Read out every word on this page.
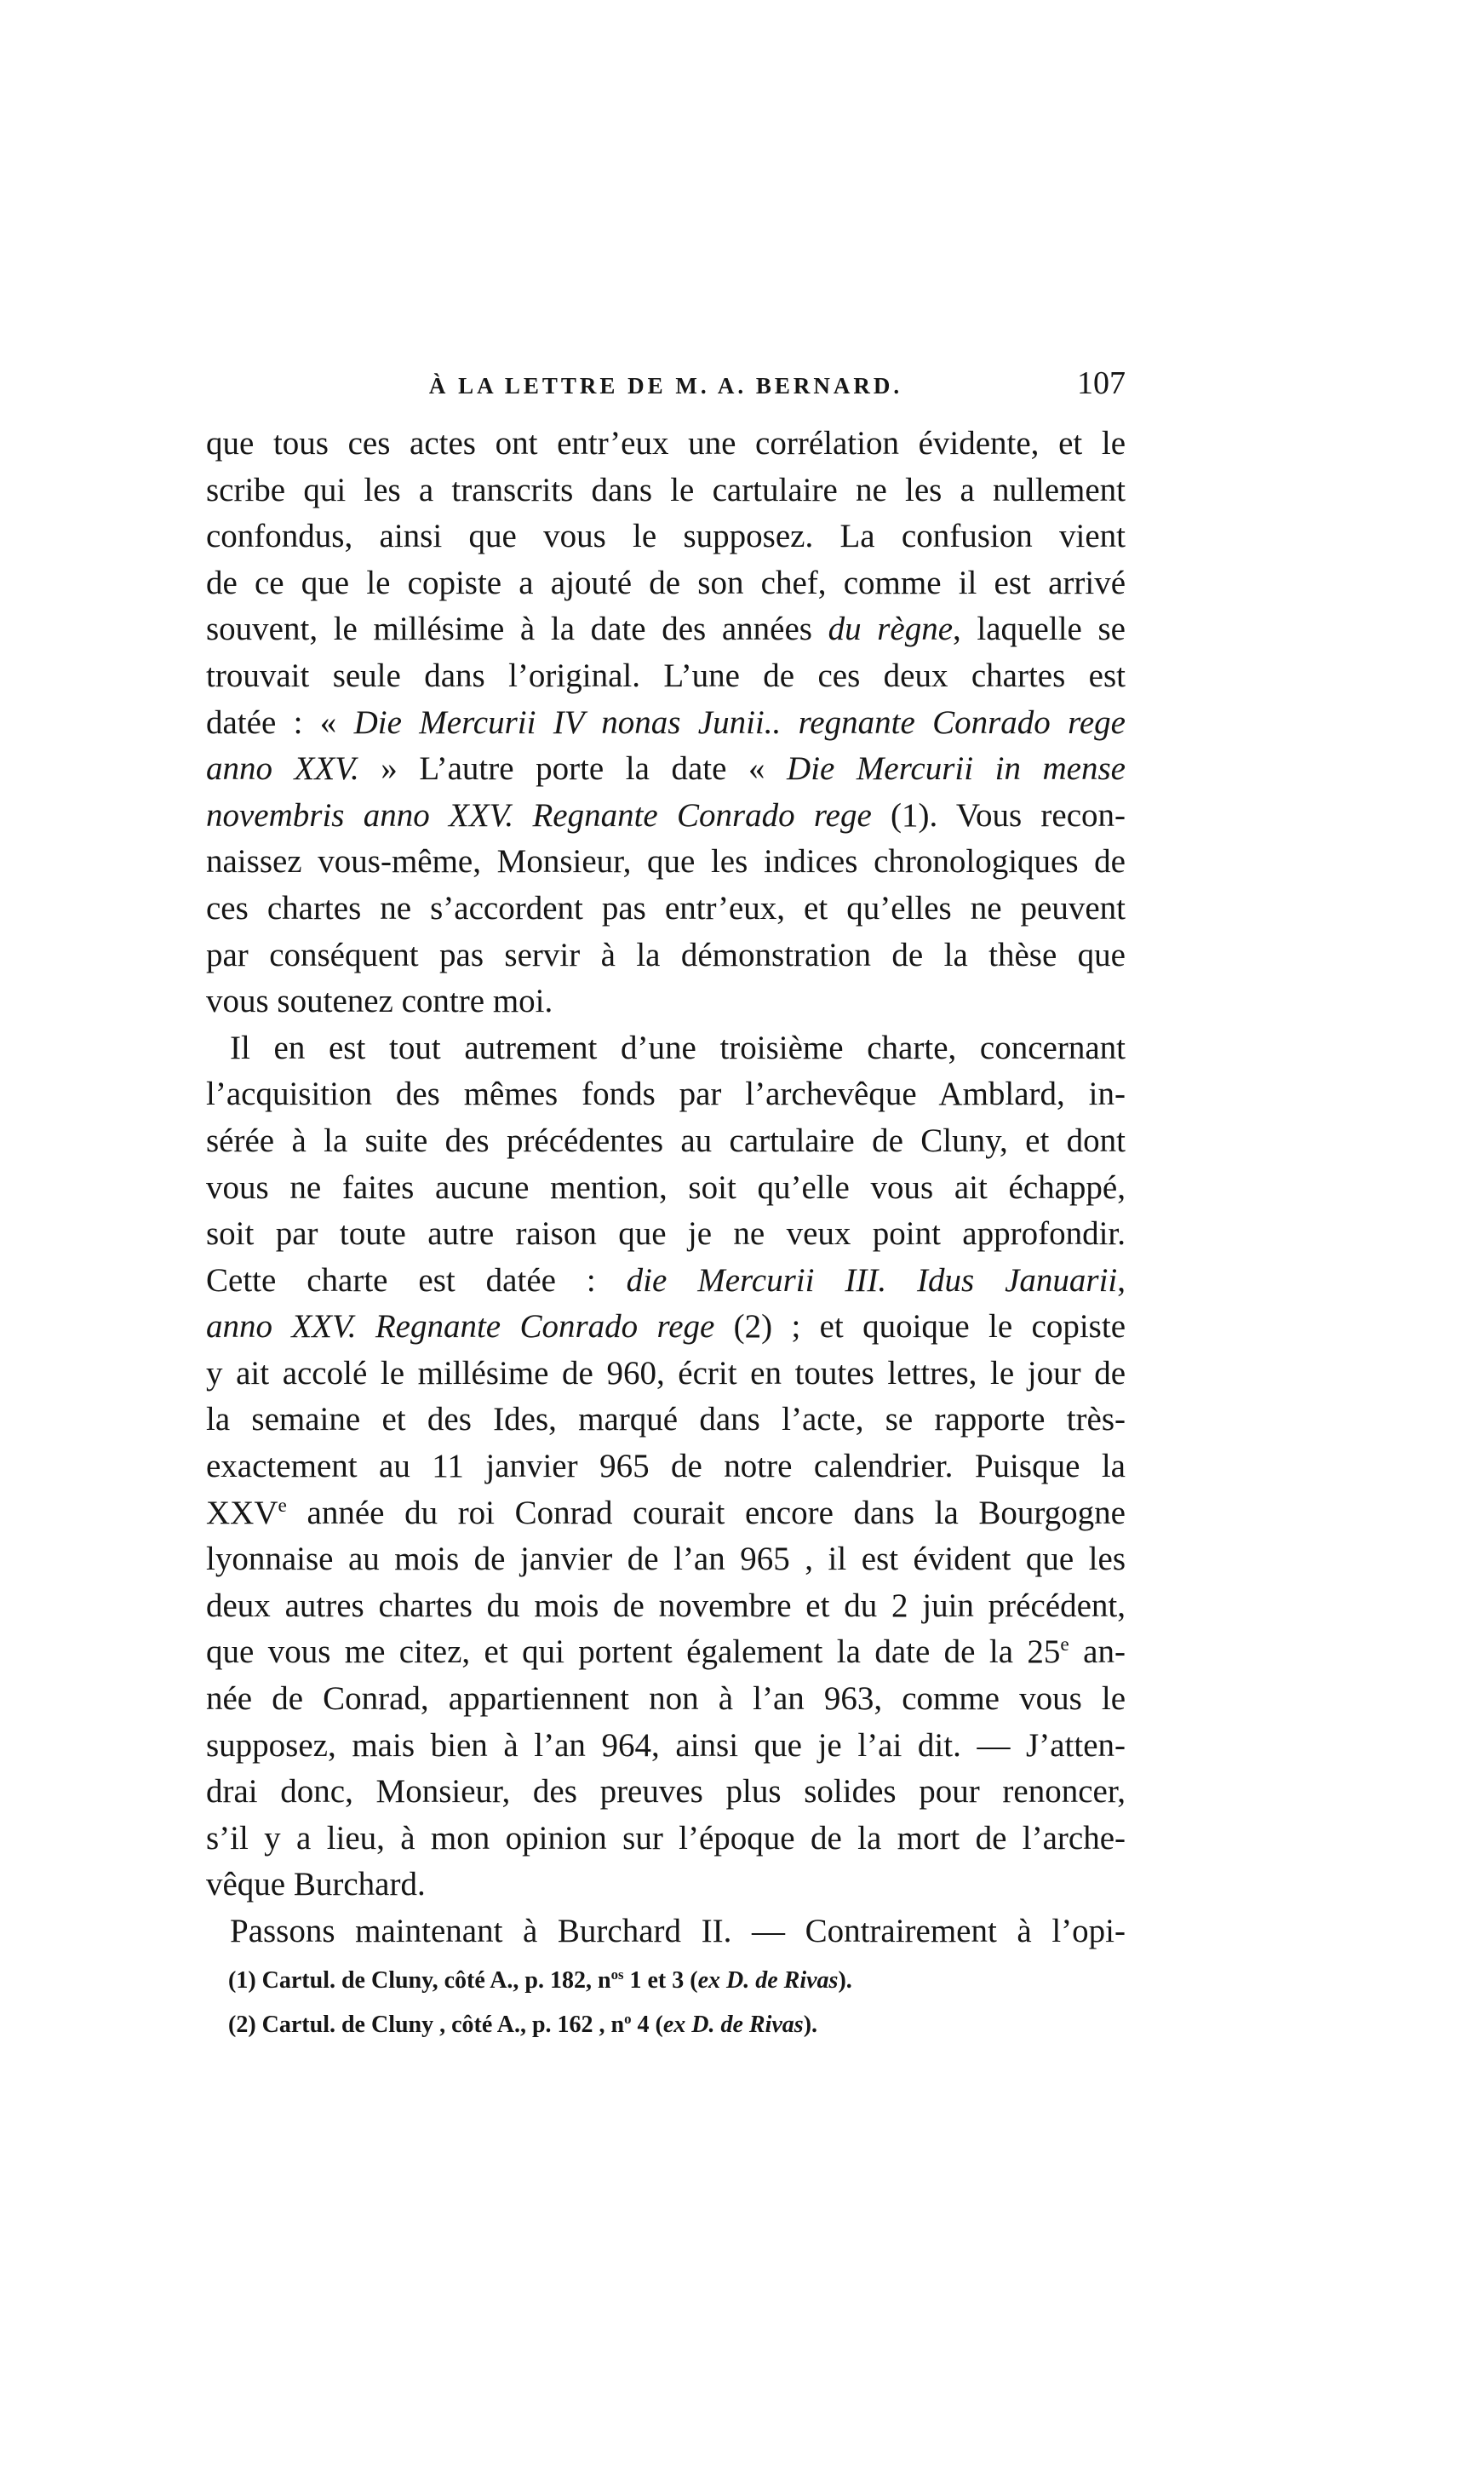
À LA LETTRE DE M. A. BERNARD.	107
que tous ces actes ont entr’eux une corrélation évidente, et le
scribe qui les a transcrits dans le cartulaire ne les a nullement
confondus, ainsi que vous le supposez. La confusion vient
de ce que le copiste a ajouté de son chef, comme il est arrivé
souvent, le millésime à la date des années du règne, laquelle se
trouvait seule dans l’original. L’une de ces deux chartes est
datée : « Die Mercurii IV nonas Junii.. regnante Conrado rege
anno XXV. » L’autre porte la date « Die Mercurii in mense
novembris anno XXV. Regnante Conrado rege (1). Vous recon-
naissez vous-même, Monsieur, que les indices chronologiques de
ces chartes ne s’accordent pas entr’eux, et qu’elles ne peuvent
par conséquent pas servir à la démonstration de la thèse que
vous soutenez contre moi.
Il en est tout autrement d’une troisième charte, concernant
l’acquisition des mêmes fonds par l’archevêque Amblard, in-
sérée à la suite des précédentes au cartulaire de Cluny, et dont
vous ne faites aucune mention, soit qu’elle vous ait échappé,
soit par toute autre raison que je ne veux point approfondir.
Cette charte est datée : die Mercurii III. Idus Januarii,
anno XXV. Regnante Conrado rege (2) ; et quoique le copiste
y ait accolé le millésime de 960, écrit en toutes lettres, le jour de
la semaine et des Ides, marqué dans l’acte, se rapporte très-
exactement au 11 janvier 965 de notre calendrier. Puisque la
XXVe année du roi Conrad courait encore dans la Bourgogne
lyonnaise au mois de janvier de l’an 965 , il est évident que les
deux autres chartes du mois de novembre et du 2 juin précédent,
que vous me citez, et qui portent également la date de la 25e an-
née de Conrad, appartiennent non à l’an 963, comme vous le
supposez, mais bien à l’an 964, ainsi que je l’ai dit. — J’atten-
drai donc, Monsieur, des preuves plus solides pour renoncer,
s’il y a lieu, à mon opinion sur l’époque de la mort de l’arche-
vêque Burchard.
Passons maintenant à Burchard II. — Contrairement à l’opi-
(1) Cartul. de Cluny, côté A., p. 182, $n^{os}$ 1 et 3 (ex D. de Rivas).
(2) Cartul. de Cluny , côté A., p. 162 , $n^o$ 4 (ex D. de Rivas).
